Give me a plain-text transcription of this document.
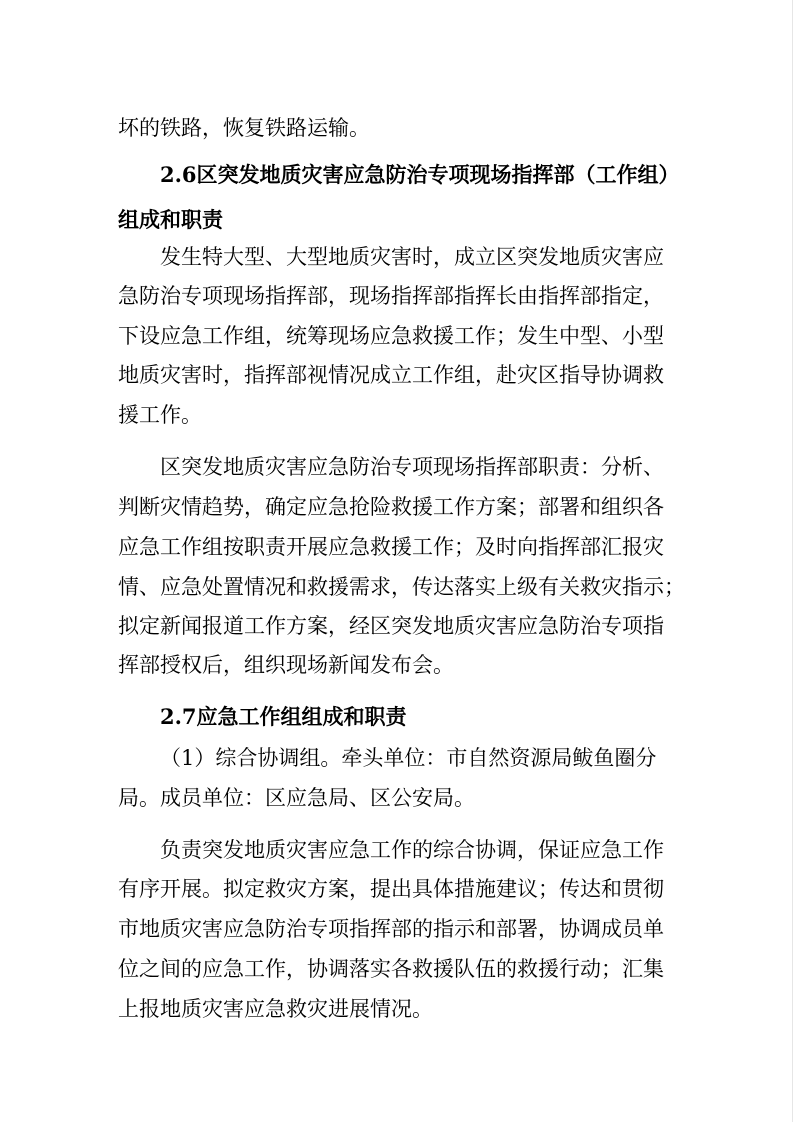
坏的铁路，恢复铁路运输。
2.6区突发地质灾害应急防治专项现场指挥部（工作组）
组成和职责
发生特大型、大型地质灾害时，成立区突发地质灾害应
急防治专项现场指挥部，现场指挥部指挥长由指挥部指定，
下设应急工作组，统筹现场应急救援工作；发生中型、小型
地质灾害时，指挥部视情况成立工作组，赴灾区指导协调救
援工作。
区突发地质灾害应急防治专项现场指挥部职责：分析、
判断灾情趋势，确定应急抢险救援工作方案；部署和组织各
应急工作组按职责开展应急救援工作；及时向指挥部汇报灾
情、应急处置情况和救援需求，传达落实上级有关救灾指示；
拟定新闻报道工作方案，经区突发地质灾害应急防治专项指
挥部授权后，组织现场新闻发布会。
2.7应急工作组组成和职责
（1）综合协调组。牵头单位：市自然资源局鲅鱼圈分
局。成员单位：区应急局、区公安局。
负责突发地质灾害应急工作的综合协调，保证应急工作
有序开展。拟定救灾方案，提出具体措施建议；传达和贯彻
市地质灾害应急防治专项指挥部的指示和部署，协调成员单
位之间的应急工作，协调落实各救援队伍的救援行动；汇集
上报地质灾害应急救灾进展情况。
